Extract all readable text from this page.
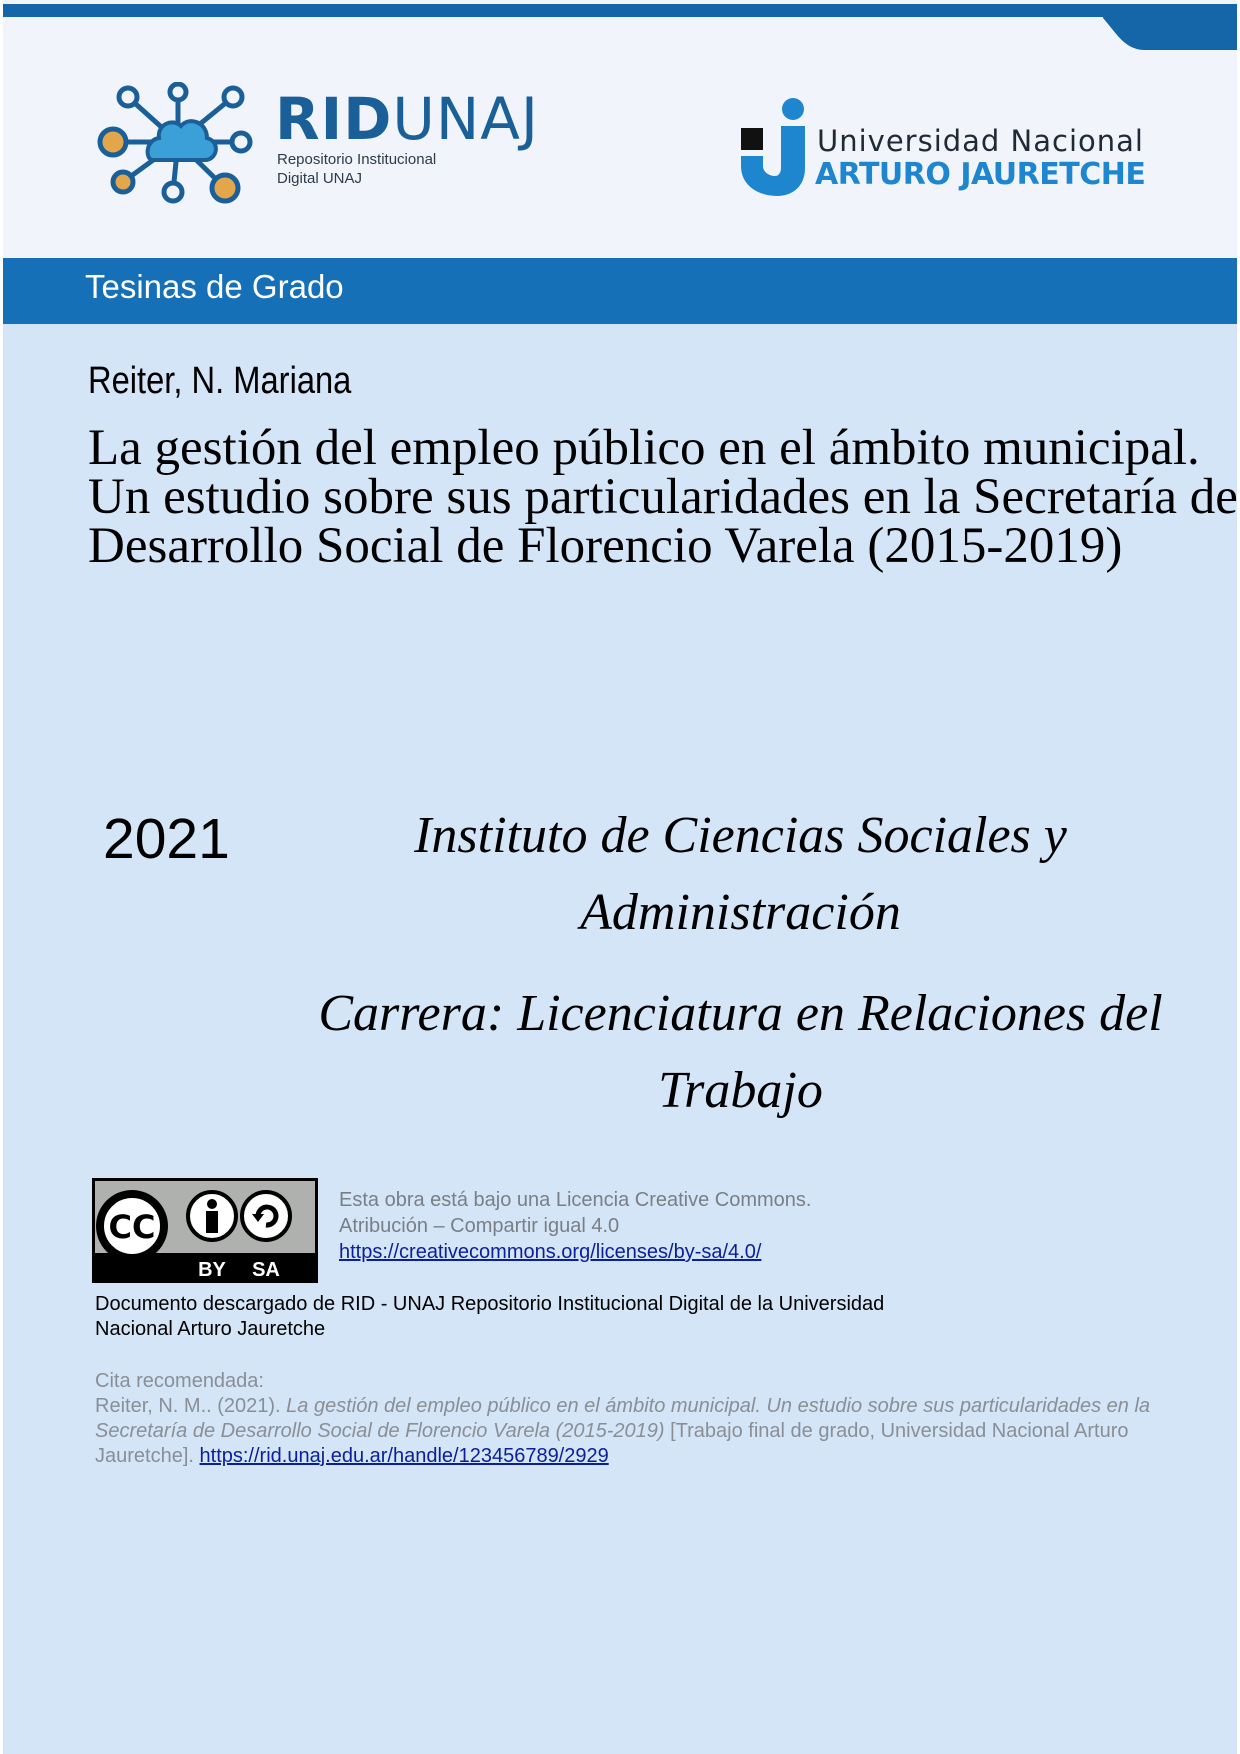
RIDUNAJ
Repositorio Institucional
Digital UNAJ
Universidad Nacional
ARTURO JAURETCHE
Tesinas de Grado
Reiter, N. Mariana
La gestión del empleo público en el ámbito municipal. Un estudio sobre sus particularidades en la Secretaría de Desarrollo Social de Florencio Varela (2015-2019)
2021	Instituto de Ciencias Sociales y Administración
Carrera: Licenciatura en Relaciones del Trabajo
CC
BY SA
Esta obra está bajo una Licencia Creative Commons.
Atribución – Compartir igual 4.0
https://creativecommons.org/licenses/by-sa/4.0/
Documento descargado de RID - UNAJ Repositorio Institucional Digital de la Universidad
Nacional Arturo Jauretche
Cita recomendada:
Reiter, N. M.. (2021). La gestión del empleo público en el ámbito municipal. Un estudio sobre sus particularidades en la Secretaría de Desarrollo Social de Florencio Varela (2015-2019) [Trabajo final de grado, Universidad Nacional Arturo Jauretche]. https://rid.unaj.edu.ar/handle/123456789/2929
